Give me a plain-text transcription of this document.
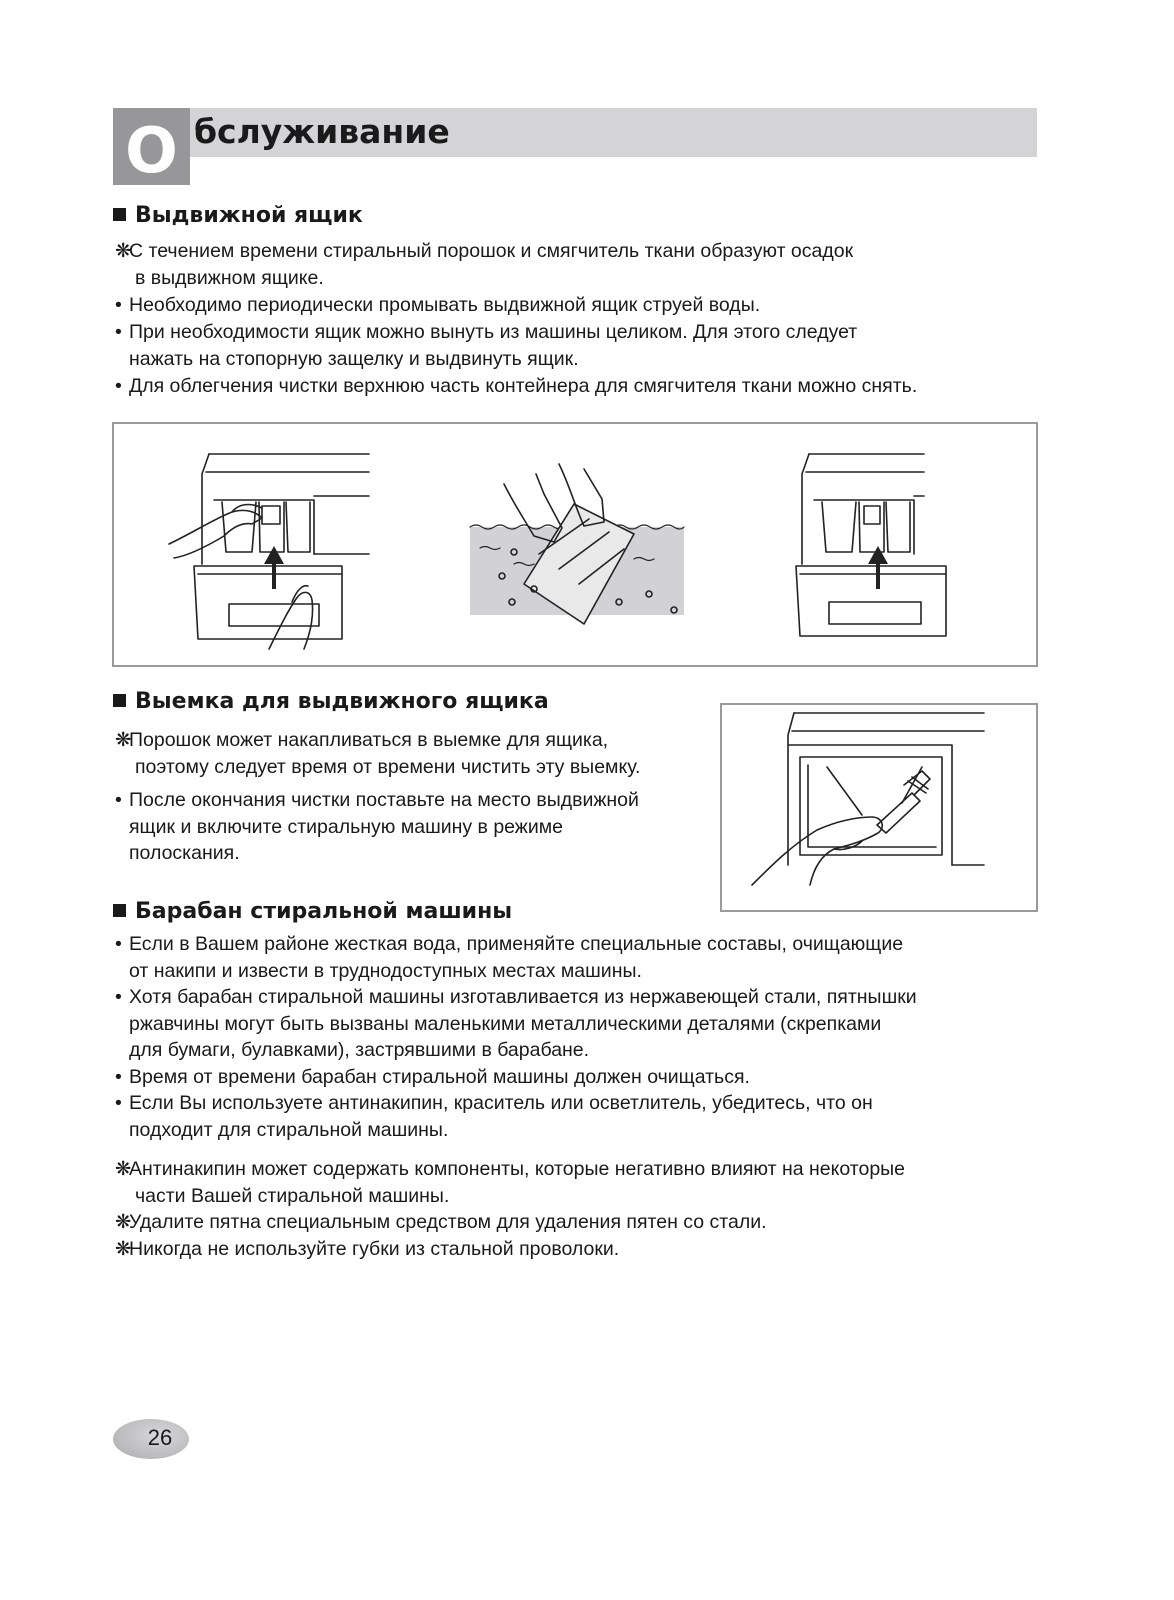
О бслуживание
Выдвижной ящик
❋С течением времени стиральный порошок и смягчитель ткани образуют осадок
в выдвижном ящике.
• Необходимо периодически промывать выдвижной ящик струей воды.
• При необходимости ящик можно вынуть из машины целиком. Для этого следует
нажать на стопорную защелку и выдвинуть ящик.
• Для облегчения чистки верхнюю часть контейнера для смягчителя ткани можно снять.
Выемка для выдвижного ящика
❋Порошок может накапливаться в выемке для ящика,
поэтому следует время от времени чистить эту выемку.
• После окончания чистки поставьте на место выдвижной
ящик и включите стиральную машину в режиме
полоскания.
Барабан стиральной машины
• Если в Вашем районе жесткая вода, применяйте специальные составы, очищающие
от накипи и извести в труднодоступных местах машины.
• Хотя барабан стиральной машины изготавливается из нержавеющей стали, пятнышки
ржавчины могут быть вызваны маленькими металлическими деталями (скрепками
для бумаги, булавками), застрявшими в барабане.
• Время от времени барабан стиральной машины должен очищаться.
• Если Вы используете антинакипин, краситель или осветлитель, убедитесь, что он
подходит для стиральной машины.
❋Антинакипин может содержать компоненты, которые негативно влияют на некоторые
части Вашей стиральной машины.
❋Удалите пятна специальным средством для удаления пятен со стали.
❋Никогда не используйте губки из стальной проволоки.
26
